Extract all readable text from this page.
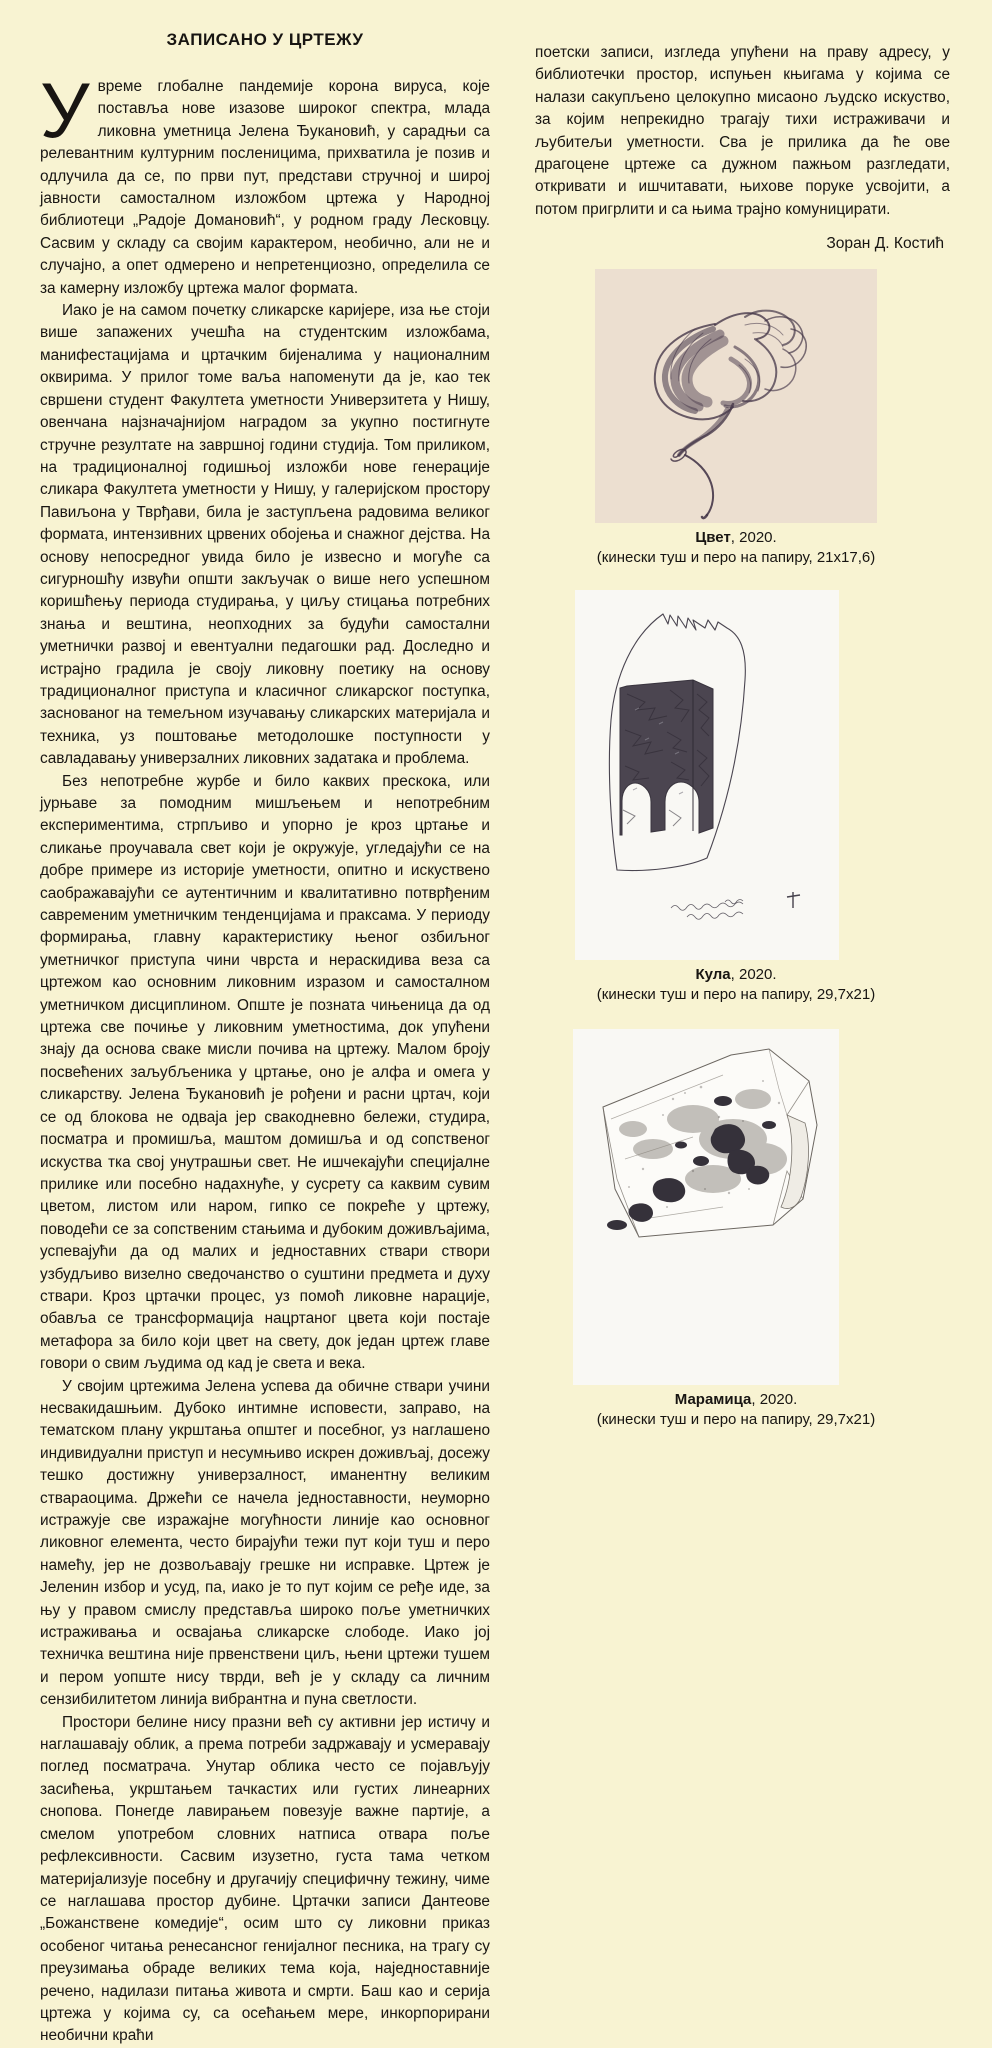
ЗАПИСАНО У ЦРТЕЖУ

Увреме глобалне пандемије корона вируса, које поставља нове изазове широког спектра, млада ликовна уметница Јелена Ђукановић, у сарадњи са релевантним културним посленицима, прихватила је позив и одлучила да се, по први пут, представи стручној и широј јавности самосталном изложбом цртежа у Народној библиотеци „Радоје Домановић“, у родном граду Лесковцу. Сасвим у складу са својим карактером, необично, али не и случајно, а опет одмерено и непретенциозно, определила се за камерну изложбу цртежа малог формата.

Иако је на самом почетку сликарске каријере, иза ње стоји више запажених учешћа на студентским изложбама, манифестацијама и цртачким бијеналима у националним оквирима. У прилог томе ваља напоменути да је, као тек свршени студент Факултета уметности Универзитета у Нишу, овенчана најзначајнијом наградом за укупно постигнуте стручне резултате на завршној години студија. Том приликом, на традиционалној годишњој изложби нове генерације сликара Факултета уметности у Нишу, у галеријском простору Павиљона у Тврђави, била је заступљена радовима великог формата, интензивних црвених обојења и снажног дејства. На основу непосредног увида било је извесно и могуће са сигурношћу извући општи закључак о више него успешном коришћењу периода студирања, у циљу стицања потребних знања и вештина, неопходних за будући самостални уметнички развој и евентуални педагошки рад. Доследно и истрајно градила је своју ликовну поетику на основу традиционалног приступа и класичног сликарског поступка, заснованог на темељном изучавању сликарских материјала и техника, уз поштовање методолошке поступности у савладавању универзалних ликовних задатака и проблема.

Без непотребне журбе и било каквих прескока, или јурњаве за помодним мишљењем и непотребним експериментима, стрпљиво и упорно је кроз цртање и сликање проучавала свет који је окружује, угледајући се на добре примере из историје уметности, опитно и искуствено саображавајући се аутентичним и квалитативно потврђеним савременим уметничким тенденцијама и праксама. У периоду формирања, главну карактеристику њеног озбиљног уметничког приступа чини чврста и нераскидива веза са цртежом као основним ликовним изразом и самосталном уметничком дисциплином. Опште је позната чињеница да од цртежа све почиње у ликовним уметностима, док упућени знају да основа сваке мисли почива на цртежу. Малом броју посвећених заљубљеника у цртање, оно је алфа и омега у сликарству. Јелена Ђукановић је рођени и расни цртач, који се од блокова не одваја јер свакодневно бележи, студира, посматра и промишља, маштом домишља и од сопственог искуства тка свој унутрашњи свет. Не ишчекајући специјалне прилике или посебно надахнуће, у сусрету са каквим сувим цветом, листом или наром, гипко се покреће у цртежу, поводећи се за сопственим стањима и дубоким доживљајима, успевајући да од малих и једноставних ствари створи узбудљиво визелно сведочанство о суштини предмета и духу ствари. Кроз цртачки процес, уз помоћ ликовне нарације, обавља се трансформација нацртаног цвета који постаје метафора за било који цвет на свету, док један цртеж главе говори о свим људима од кад је света и века.

У својим цртежима Јелена успева да обичне ствари учини несвакидашњим. Дубоко интимне исповести, заправо, на тематском плану укрштања општег и посебног, уз наглашено индивидуални приступ и несумњиво искрен доживљај, досежу тешко достижну универзалност, иманентну великим ствараоцима. Држећи се начела једноставности, неуморно истражује све изражајне могућности линије као основног ликовног елемента, често бирајући тежи пут који туш и перо намећу, јер не дозвољавају грешке ни исправке. Цртеж је Јеленин избор и усуд, па, иако је то пут којим се ређе иде, за њу у правом смислу представља широко поље уметничких истраживања и освајања сликарске слободе. Иако јој техничка вештина није првенствени циљ, њени цртежи тушем и пером уопште нису тврди, већ је у складу са личним сензибилитетом линија вибрантна и пуна светлости.

Простори белине нису празни већ су активни јер истичу и наглашавају облик, а према потреби задржавају и усмеравају поглед посматрача. Унутар облика често се појављују засићења, укрштањем тачкастих или густих линеарних снопова. Понегде лавирањем повезује важне партије, а смелом употребом словних натписа отвара поље рефлексивности. Сасвим изузетно, густа тама четком материјализује посебну и другачију специфичну тежину, чиме се наглашава простор дубине. Цртачки записи Дантеове „Божанствене комедије“, осим што су ликовни приказ особеног читања ренесансног генијалног песника, на трагу су преузимања обраде великих тема која, наједноставније речено, надилази питања живота и смрти. Баш као и серија цртежа у којима су, са осећањем мере, инкорпорирани необични краћи

поетски записи, изгледа упућени на праву адресу, у библиотечки простор, испуњен књигама у којима се налази сакупљено целокупно мисаоно људско искуство, за којим непрекидно трагају тихи истраживачи и љубитељи уметности. Сва је прилика да ће ове драгоцене цртеже са дужном пажњом разгледати, откривати и ишчитавати, њихове поруке усвојити, а потом пригрлити и са њима трајно комуницирати.

Зоран Д. Костић
Цвет, 2020.
(кинески туш и перо на папиру, 21х17,6)
Кула, 2020.
(кинески туш и перо на папиру, 29,7х21)
Марамица, 2020.
(кинески туш и перо на папиру, 29,7х21)
